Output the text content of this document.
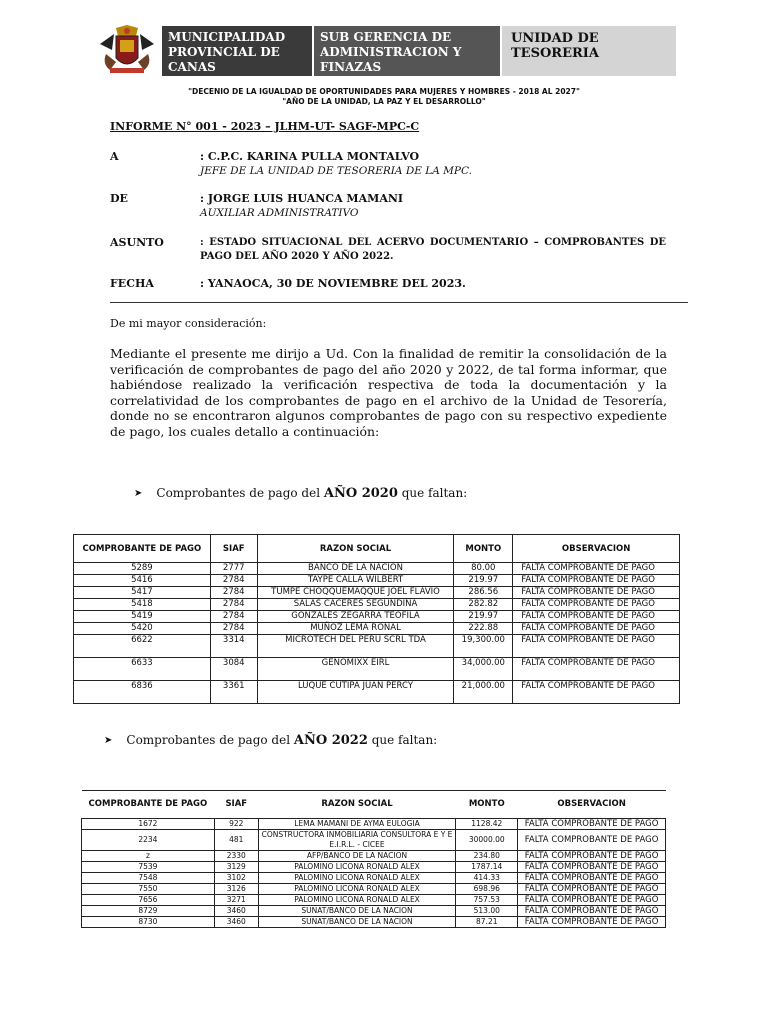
MUNICIPALIDAD
PROVINCIAL DE CANAS
SUB GERENCIA DE
ADMINISTRACION Y
FINAZAS
UNIDAD DE TESORERIA
"DECENIO DE LA IGUALDAD DE OPORTUNIDADES PARA MUJERES Y HOMBRES - 2018 AL 2027"
"AÑO DE LA UNIDAD, LA PAZ Y EL DESARROLLO"
INFORME N° 001 - 2023 – JLHM-UT- SAGF-MPC-C
A	: C.P.C. KARINA PULLA MONTALVO
JEFE DE LA UNIDAD DE TESORERIA DE LA MPC.
DE	: JORGE LUIS HUANCA MAMANI
AUXILIAR ADMINISTRATIVO
ASUNTO	: ESTADO SITUACIONAL DEL ACERVO DOCUMENTARIO – COMPROBANTES DE PAGO DEL AÑO 2020 Y AÑO 2022.
FECHA	: YANAOCA, 30 DE NOVIEMBRE DEL 2023.
De mi mayor consideración:
Mediante el presente me dirijo a Ud. Con la finalidad de remitir la consolidación de la verificación de comprobantes de pago del año 2020 y 2022, de tal forma informar, que habiéndose realizado la verificación respectiva de toda la documentación y la correlatividad de los comprobantes de pago en el archivo de la Unidad de Tesorería, donde no se encontraron algunos comprobantes de pago con su respectivo expediente de pago, los cuales detallo a continuación:
➤ Comprobantes de pago del AÑO 2020 que faltan:
COMPROBANTE DE PAGO	SIAF	RAZON SOCIAL	MONTO	OBSERVACION
5289	2777	BANCO DE LA NACION	80.00	FALTA COMPROBANTE DE PAGO
5416	2784	TAYPE CALLA WILBERT	219.97	FALTA COMPROBANTE DE PAGO
5417	2784	TUMPE CHOQQUEMAQQUE JOEL FLAVIO	286.56	FALTA COMPROBANTE DE PAGO
5418	2784	SALAS CACERES SEGUNDINA	282.82	FALTA COMPROBANTE DE PAGO
5419	2784	GONZALES ZEGARRA TEOFILA	219.97	FALTA COMPROBANTE DE PAGO
5420	2784	MUÑOZ LEMA RONAL	222.88	FALTA COMPROBANTE DE PAGO
6622	3314	MICROTECH DEL PERU SCRL TDA	19,300.00	FALTA COMPROBANTE DE PAGO
6633	3084	GENOMIXX EIRL	34,000.00	FALTA COMPROBANTE DE PAGO
6836	3361	LUQUE CUTIPA JUAN PERCY	21,000.00	FALTA COMPROBANTE DE PAGO
➤ Comprobantes de pago del AÑO 2022 que faltan:
COMPROBANTE DE PAGO	SIAF	RAZON SOCIAL	MONTO	OBSERVACION

1672	922	LEMA MAMANI DE AYMA EULOGIA	1128.42	FALTA COMPROBANTE DE PAGO
2234	481	CONSTRUCTORA INMOBILIARIA CONSULTORA E Y E E.I.R.L. - CICEE	30000.00	FALTA COMPROBANTE DE PAGO
z	2330	AFP/BANCO DE LA NACION	234.80	FALTA COMPROBANTE DE PAGO
7539	3129	PALOMINO LICONA RONALD ALEX	1787.14	FALTA COMPROBANTE DE PAGO
7548	3102	PALOMINO LICONA RONALD ALEX	414.33	FALTA COMPROBANTE DE PAGO
7550	3126	PALOMINO LICONA RONALD ALEX	698.96	FALTA COMPROBANTE DE PAGO
7656	3271	PALOMINO LICONA RONALD ALEX	757.53	FALTA COMPROBANTE DE PAGO
8729	3460	SUNAT/BANCO DE LA NACION	513.00	FALTA COMPROBANTE DE PAGO
8730	3460	SUNAT/BANCO DE LA NACION	87.21	FALTA COMPROBANTE DE PAGO
